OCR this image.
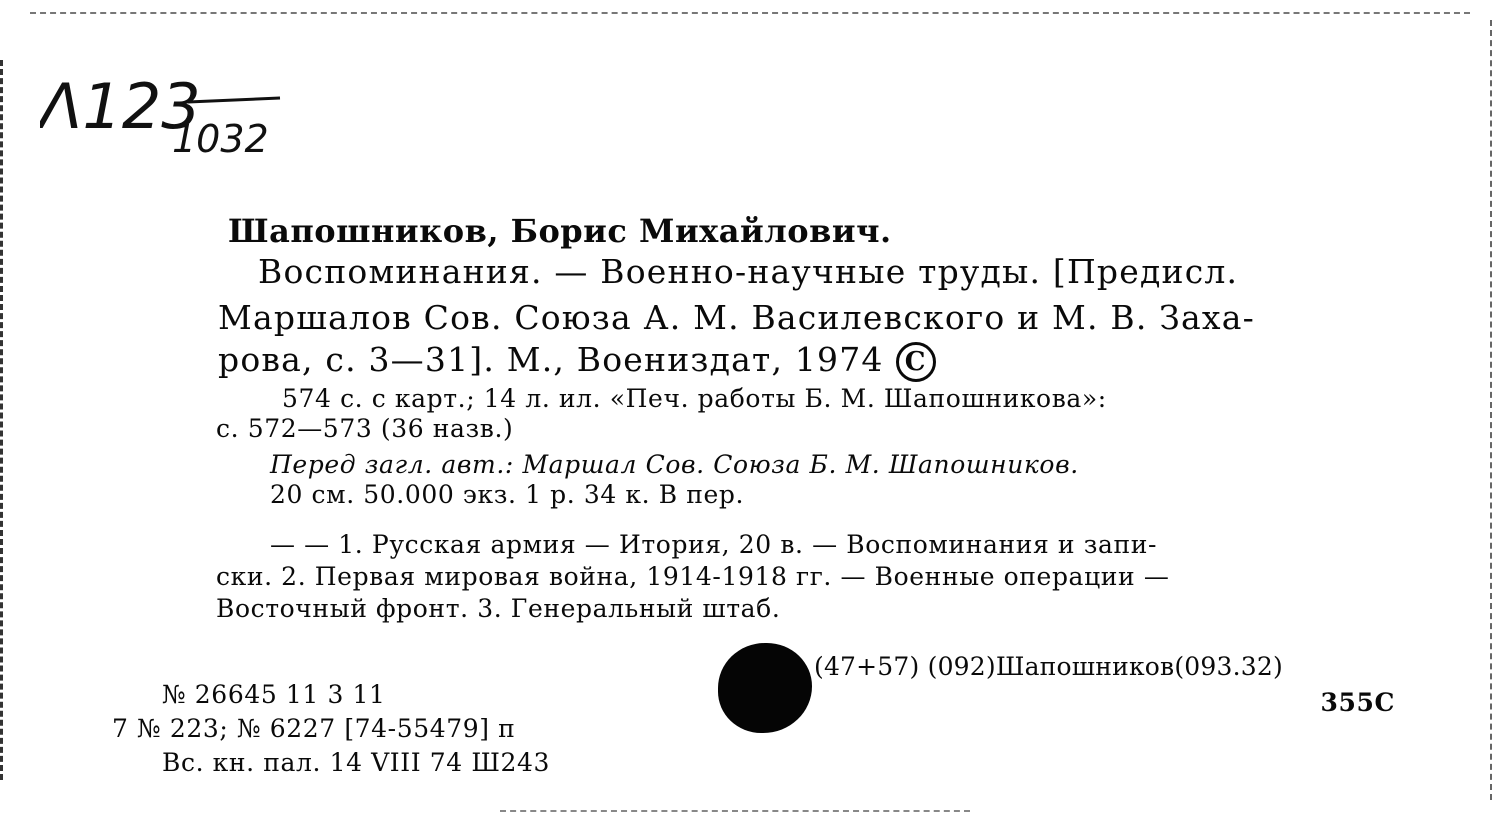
Λ123
1032
Шапошников, Борис Михайлович.
Воспоминания. — Военно-научные труды. [Предисл.
Маршалов Сов. Союза А. М. Василевского и М. В. Заха-
рова, с. 3—31]. М., Воениздат, 1974 C
574 с. с карт.; 14 л. ил. «Печ. работы Б. М. Шапошникова»:
с. 572—573 (36 назв.)
Перед загл. авт.: Маршал Сов. Союза Б. М. Шапошников.
20 см. 50.000 экз. 1 р. 34 к. В пер.
— — 1. Русская армия — Итория, 20 в. — Воспоминания и запи-
ски. 2. Первая мировая война, 1914-1918 гг. — Военные операции —
Восточный фронт. 3. Генеральный штаб.
(47+57) (092)Шапошников(093.32)
355С
№ 26645 11 3 11
7 № 223; № 6227 [74-55479] п
Вс. кн. пал. 14 VIII 74 Ш243
